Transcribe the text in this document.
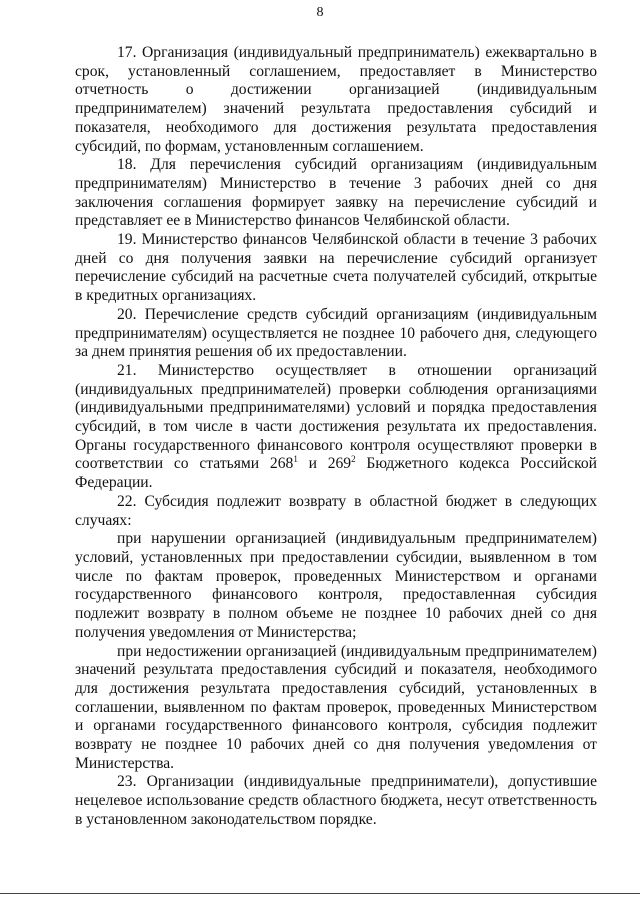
8

17. Организация (индивидуальный предприниматель) ежеквартально в срок, установленный соглашением, предоставляет в Министерство отчетность о достижении организацией (индивидуальным предпринимателем) значений результата предоставления субсидий и показателя, необходимого для достижения результата предоставления субсидий, по формам, установленным соглашением.

18. Для перечисления субсидий организациям (индивидуальным предпринимателям) Министерство в течение 3 рабочих дней со дня заключения соглашения формирует заявку на перечисление субсидий и представляет ее в Министерство финансов Челябинской области.

19. Министерство финансов Челябинской области в течение 3 рабочих дней со дня получения заявки на перечисление субсидий организует перечисление субсидий на расчетные счета получателей субсидий, открытые в кредитных организациях.

20. Перечисление средств субсидий организациям (индивидуальным предпринимателям) осуществляется не позднее 10 рабочего дня, следующего за днем принятия решения об их предоставлении.

21. Министерство осуществляет в отношении организаций (индивидуальных предпринимателей) проверки соблюдения организациями (индивидуальными предпринимателями) условий и порядка предоставления субсидий, в том числе в части достижения результата их предоставления. Органы государственного финансового контроля осуществляют проверки в соответствии со статьями $268^1$ и $269^2$ Бюджетного кодекса Российской Федерации.

22. Субсидия подлежит возврату в областной бюджет в следующих случаях:

при нарушении организацией (индивидуальным предпринимателем) условий, установленных при предоставлении субсидии, выявленном в том числе по фактам проверок, проведенных Министерством и органами государственного финансового контроля, предоставленная субсидия подлежит возврату в полном объеме не позднее 10 рабочих дней со дня получения уведомления от Министерства;

при недостижении организацией (индивидуальным предпринимателем) значений результата предоставления субсидий и показателя, необходимого для достижения результата предоставления субсидий, установленных в соглашении, выявленном по фактам проверок, проведенных Министерством и органами государственного финансового контроля, субсидия подлежит возврату не позднее 10 рабочих дней со дня получения уведомления от Министерства.

23. Организации (индивидуальные предприниматели), допустившие нецелевое использование средств областного бюджета, несут ответственность в установленном законодательством порядке.
